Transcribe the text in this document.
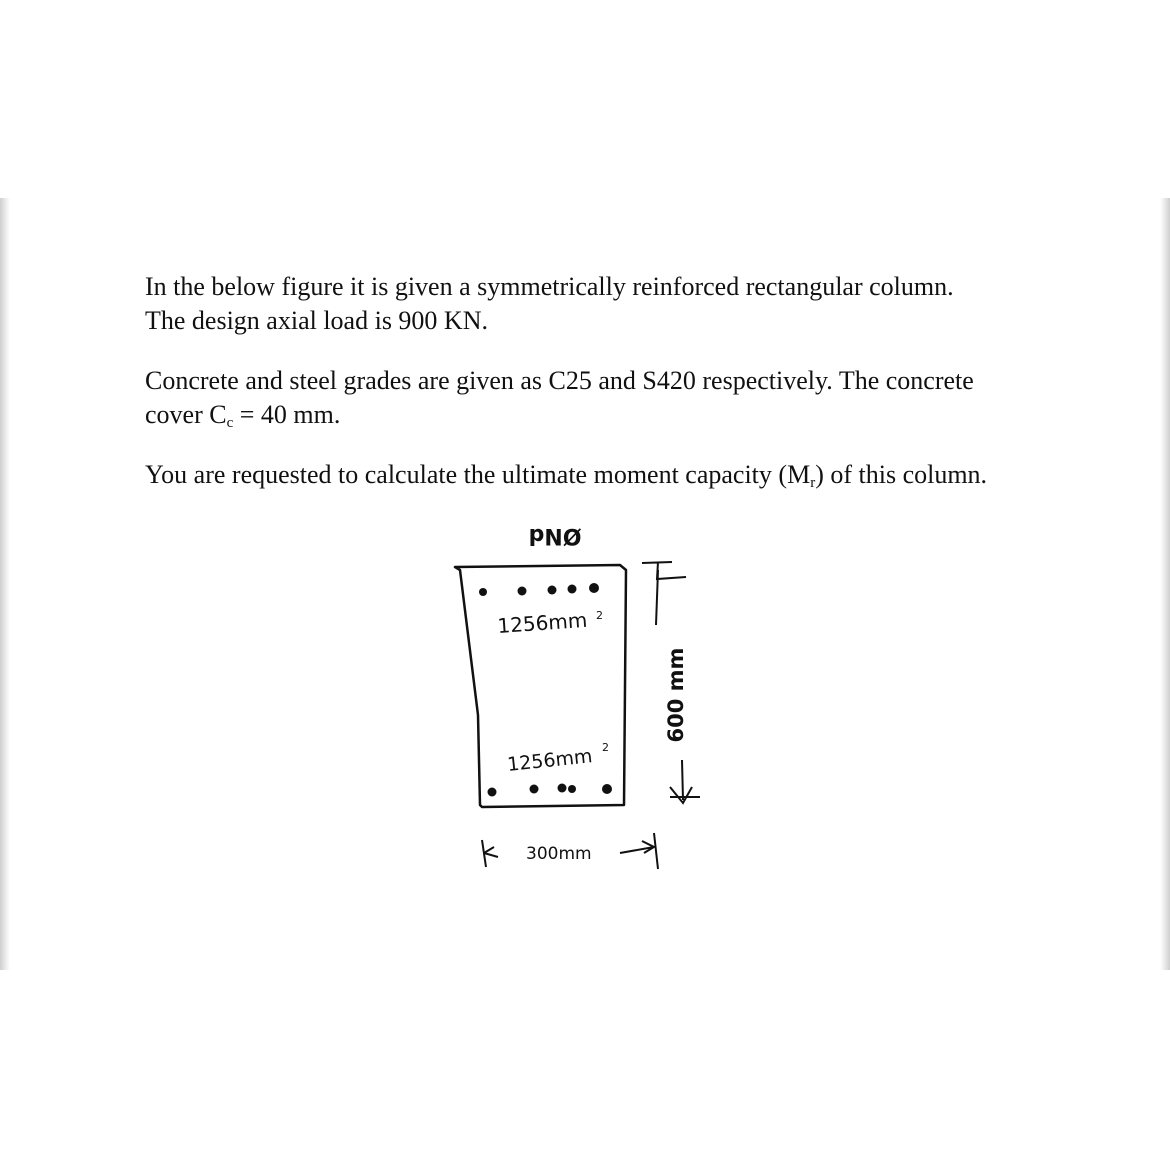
In the below figure it is given a symmetrically reinforced rectangular column.
The design axial load is 900 KN.

Concrete and steel grades are given as C25 and S420 respectively. The concrete
cover $C_c = 40$ mm.

You are requested to calculate the ultimate moment capacity $(M_r)$ of this column.

ØNd
1256mm 2
1256mm 2
600 mm
300mm
